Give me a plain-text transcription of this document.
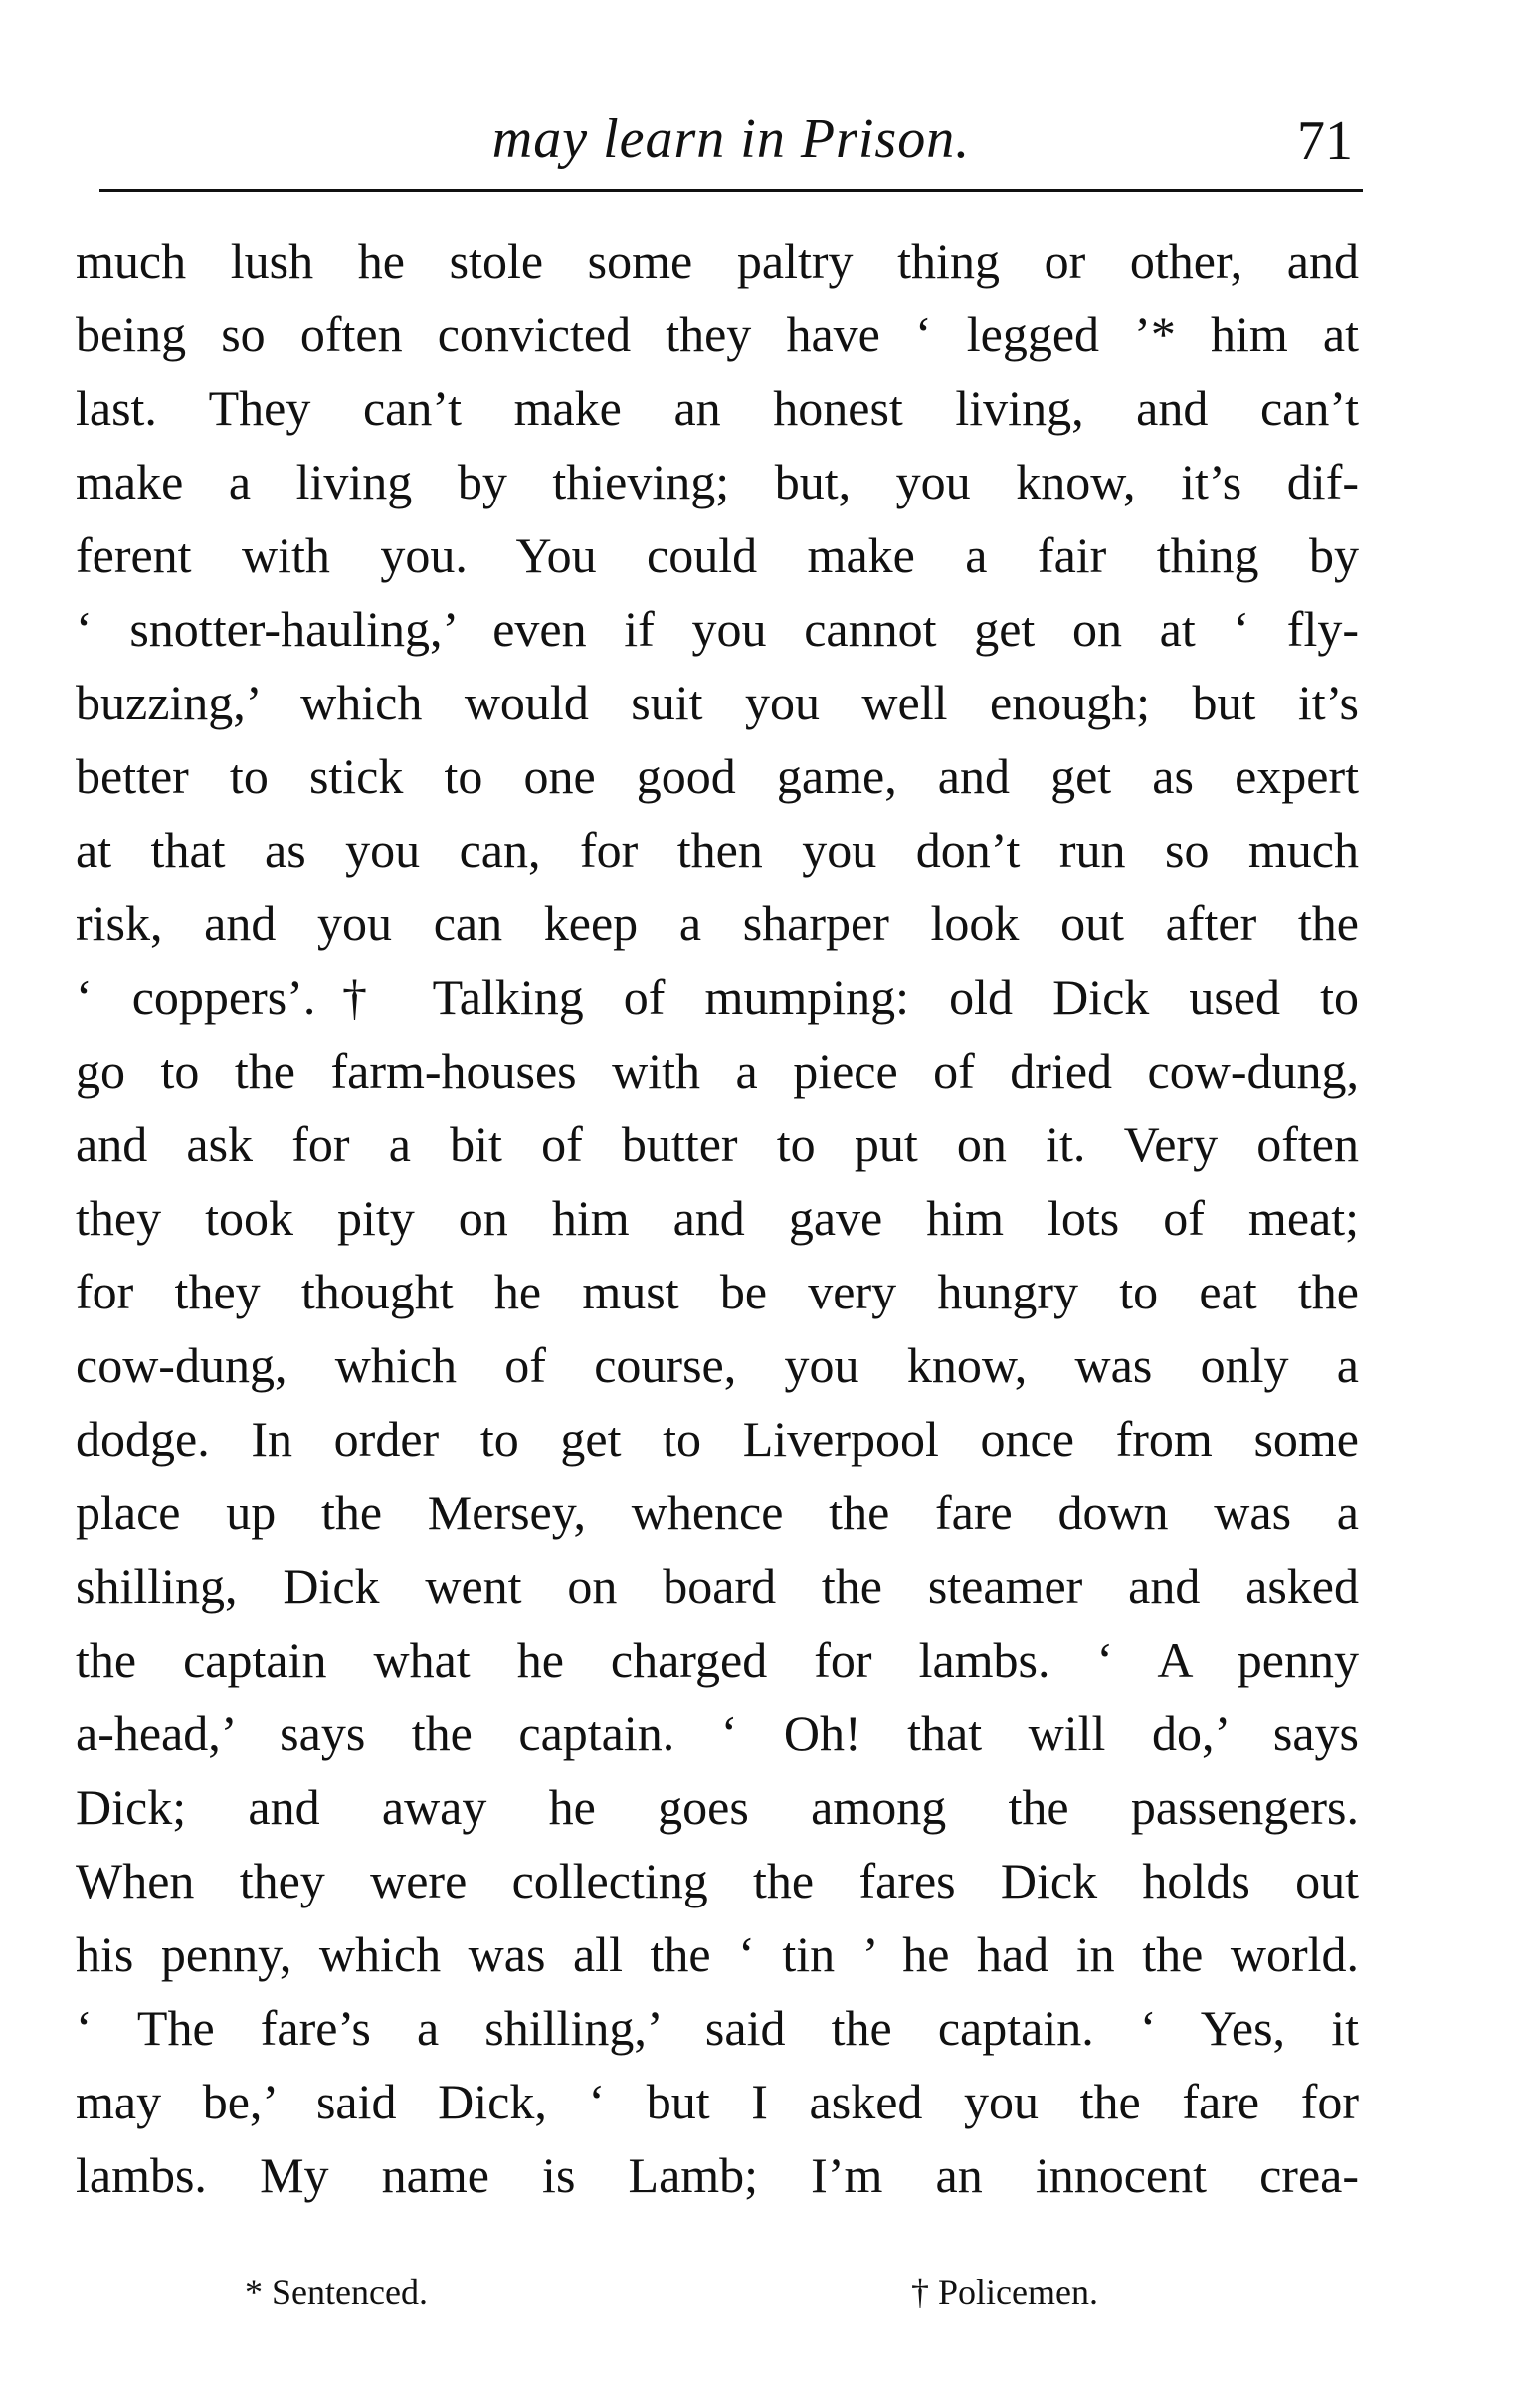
may learn in Prison.	71
much lush he stole some paltry thing or other, and
being so often convicted they have ‘ legged ’* him at
last. They can’t make an honest living, and can’t
make a living by thieving; but, you know, it’s dif-
ferent with you. You could make a fair thing by
‘ snotter-hauling,’ even if you cannot get on at ‘ fly-
buzzing,’ which would suit you well enough; but it’s
better to stick to one good game, and get as expert
at that as you can, for then you don’t run so much
risk, and you can keep a sharper look out after the
‘ coppers’.† Talking of mumping: old Dick used to
go to the farm-houses with a piece of dried cow-dung,
and ask for a bit of butter to put on it. Very often
they took pity on him and gave him lots of meat;
for they thought he must be very hungry to eat the
cow-dung, which of course, you know, was only a
dodge. In order to get to Liverpool once from some
place up the Mersey, whence the fare down was a
shilling, Dick went on board the steamer and asked
the captain what he charged for lambs. ‘ A penny
a-head,’ says the captain. ‘ Oh! that will do,’ says
Dick; and away he goes among the passengers.
When they were collecting the fares Dick holds out
his penny, which was all the ‘ tin ’ he had in the world.
‘ The fare’s a shilling,’ said the captain. ‘ Yes, it
may be,’ said Dick, ‘ but I asked you the fare for
lambs. My name is Lamb; I’m an innocent crea-
* Sentenced.	† Policemen.
